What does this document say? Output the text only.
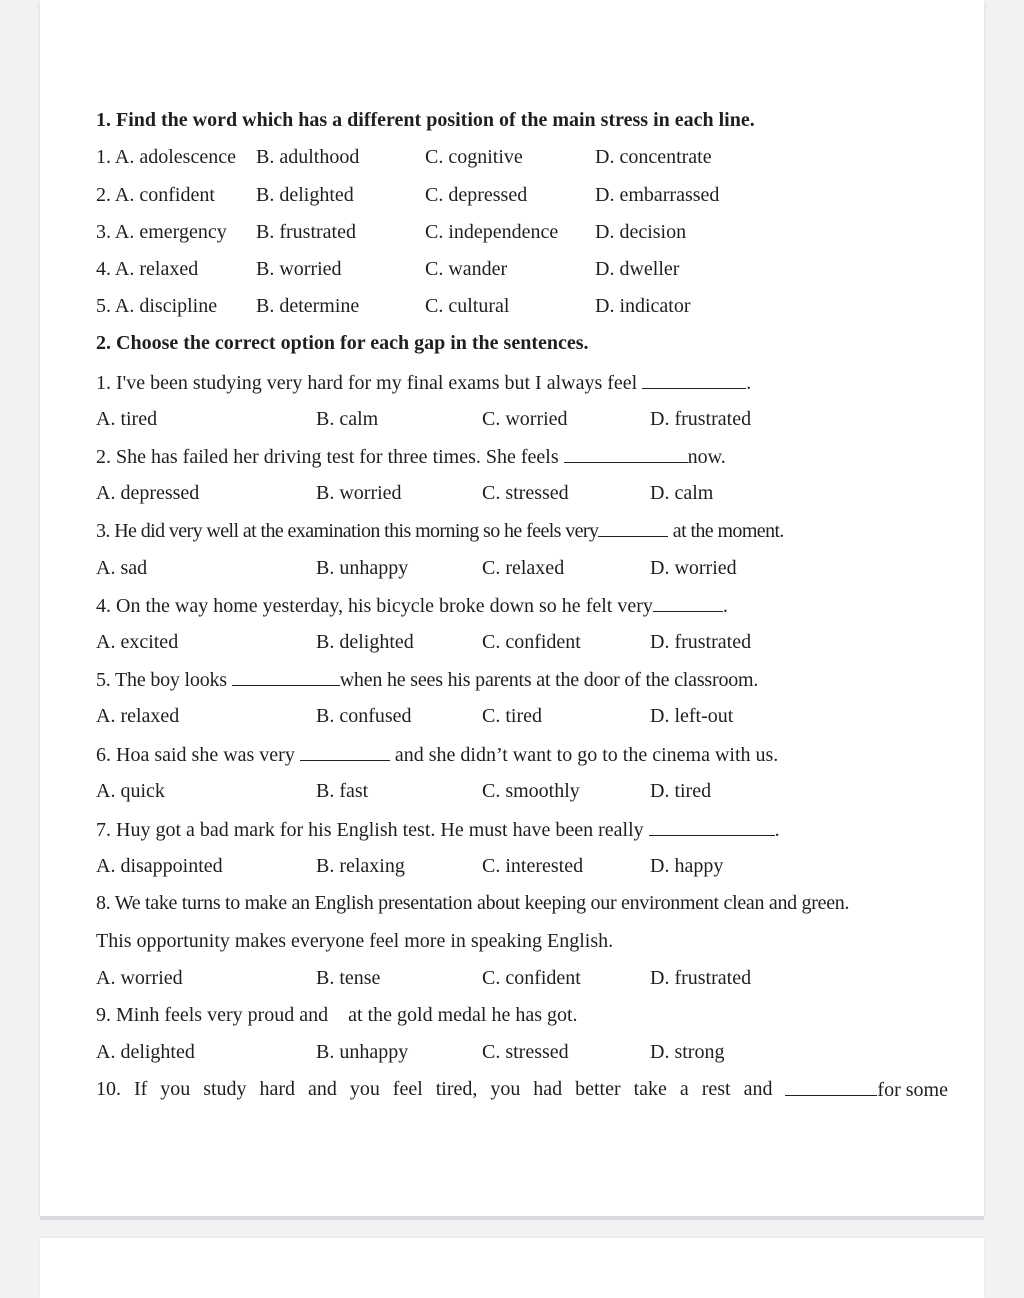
1. Find the word which has a different position of the main stress in each line.
1. A. adolescence B. adulthood	C. cognitive	D. concentrate
2. A. confident B. delighted	C. depressed	D. embarrassed
3. A. emergency B. frustrated	C. independence D. decision
4. A. relaxed	B. worried	C. wander	D. dweller
5. A. discipline B. determine	C. cultural	D. indicator
2. Choose the correct option for each gap in the sentences.
1. I've been studying very hard for my final exams but I always feel	.
A. tired	B. calm	C. worried	D. frustrated
2. She has failed her driving test for three times. She feels	now.
A. depressed	B. worried	C. stressed	D. calm
3. He did very well at the examination this morning so he feels very	at the moment.
A. sad	B. unhappy	C. relaxed	D. worried
4. On the way home yesterday, his bicycle broke down so he felt very	.
A. excited	B. delighted	C. confident	D. frustrated
5. The boy looks	when he sees his parents at the door of the classroom.
A. relaxed	B. confused	C. tired	D. left-out
6. Hoa said she was very	and she didn’t want to go to the cinema with us.
A. quick	B. fast	C. smoothly	D. tired
7. Huy got a bad mark for his English test. He must have been really	.
A. disappointed	B. relaxing	C. interested	D. happy
8. We take turns to make an English presentation about keeping our environment clean and green.
This opportunity makes everyone feel more in speaking English.
A. worried	B. tense	C. confident	D. frustrated
9. Minh feels very proud and    at the gold medal he has got.
A. delighted	B. unhappy	C. stressed	D. strong
10. If you study hard and you feel tired, you had better take a rest and	for some
